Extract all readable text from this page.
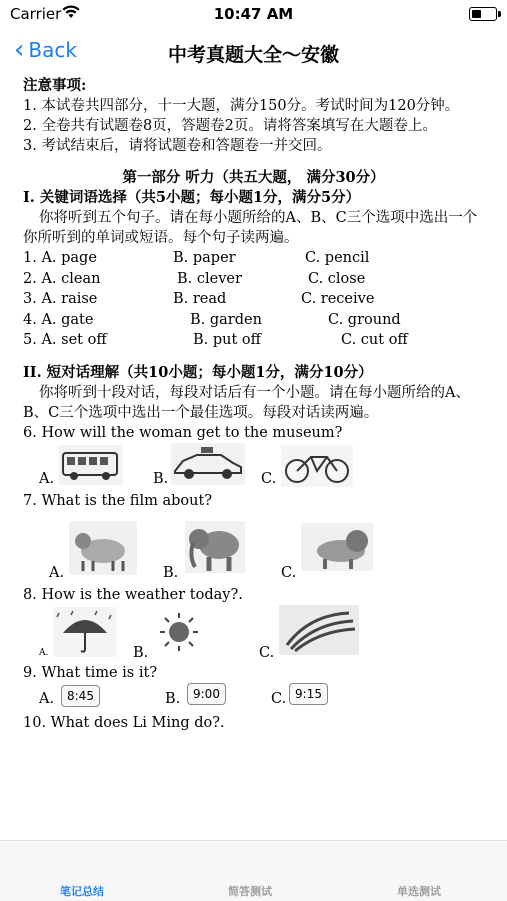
Carrier	10:47 AM
‹ Back	中考真题大全～安徽
注意事项:
1. 本试卷共四部分，十一大题，满分150分。考试时间为120分钟。
2. 全卷共有试题卷8页，答题卷2页。请将答案填写在大题卷上。
3. 考试结束后，请将试题卷和答题卷一并交回。
第一部分 听力（共五大题， 满分30分）
I. 关键词语选择（共5小题；每小题1分，满分5分）
你将听到五个句子。请在每小题所给的A、B、C三个选项中选出一个你所听到的单词或短语。每个句子读两遍。
1. A. page	B. paper	C. pencil
2. A. clean	B. clever	C. close
3. A. raise	B. read	C. receive
4. A. gate	B. garden	C. ground
5. A. set off	B. put off	C. cut off
II. 短对话理解（共10小题；每小题1分，满分10分）
你将听到十段对话，每段对话后有一个小题。请在每小题所给的A、B、C三个选项中选出一个最佳选项。每段对话读两遍。
6. How will the woman get to the museum?
A.	B.	C.
7. What is the film about?
A.	B.	C.
8. How is the weather today?.
A.	B.	C.
9. What time is it?
A.	8:45	B.	9:00	C. 9:15
10. What does Li Ming do?.
笔记总结	简答测试	单选测试
